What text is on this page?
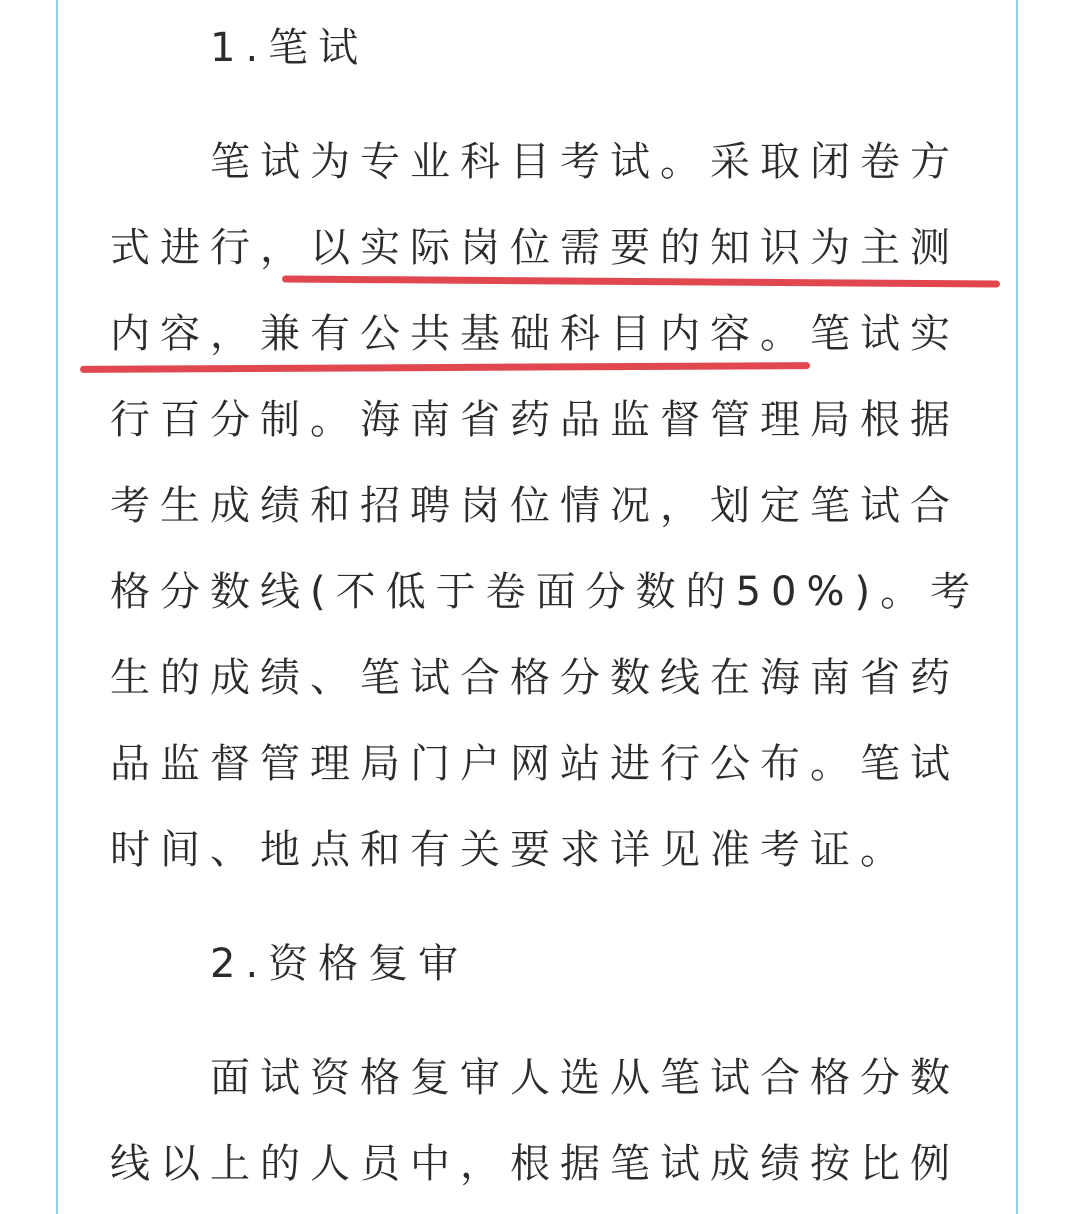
1.笔试
笔试为专业科目考试。采取闭卷方
式进行，以实际岗位需要的知识为主测
内容，兼有公共基础科目内容。笔试实
行百分制。海南省药品监督管理局根据
考生成绩和招聘岗位情况，划定笔试合
格分数线(不低于卷面分数的50%)。考
生的成绩、笔试合格分数线在海南省药
品监督管理局门户网站进行公布。笔试
时间、地点和有关要求详见准考证。
2.资格复审
面试资格复审人选从笔试合格分数
线以上的人员中，根据笔试成绩按比例
